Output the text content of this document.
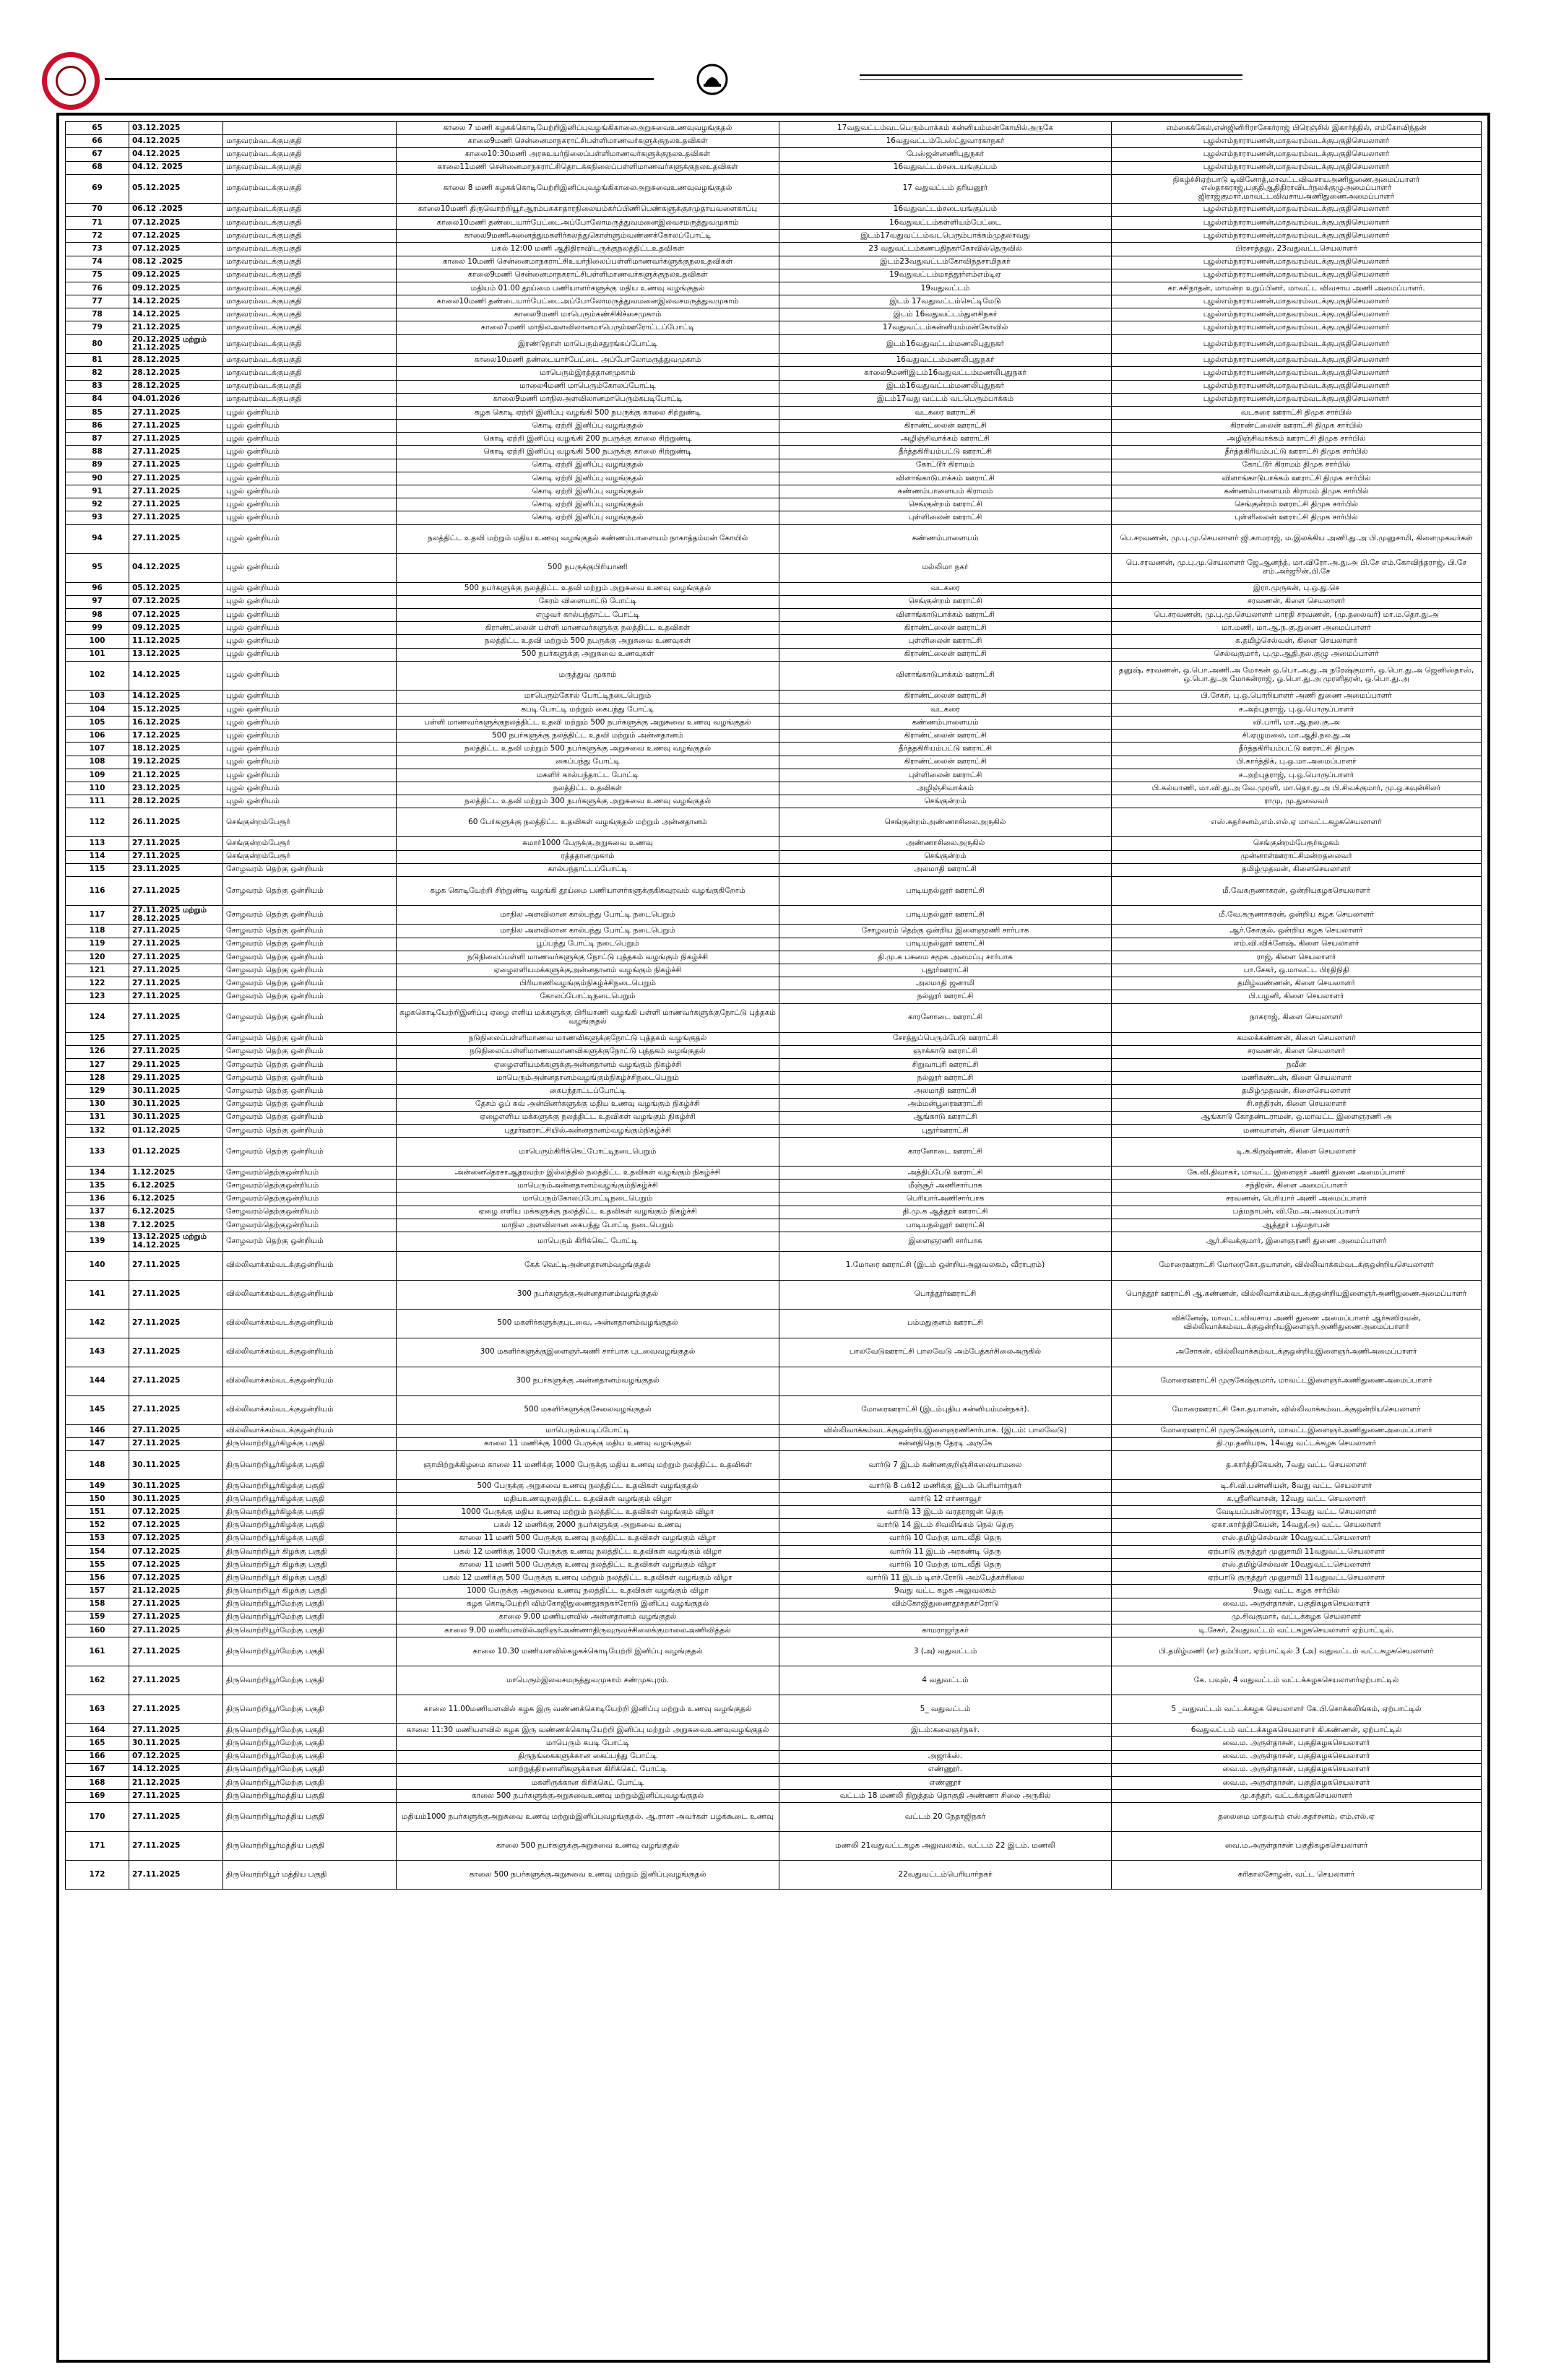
65	03.12.2025		காலை 7 மணி கழகக்கொடியேற்றிஇனிப்புவழங்கிகாலைஅறுசுவைஉணவுவழங்குதல்	17வதுவட்டம்வடபெரும்பாக்கம் கன்னியம்மன்கோயில்அருகே	எம்கைக்கேல்,என்ஜினிரிராசேகர்ராஜ் பிரெஞ்சில் இகார்த்தில், எம்கோவிந்தன்
66	04.12.2025	மாதவரம்வடக்குபகுதி	காலை9மணி சென்னைமாநகராட்சிபள்ளிமாணவர்களுக்குநலஉதவிகள்	16வதுவட்டம்பேஸ்ட்துவாரகாநகர்	புழல்எம்நாராயணன்,மாதவரம்வடக்குபகுதிசெயலாளர்
67	04.12.2025	மாதவரம்வடக்குபகுதி	காலை10:30மணி அரசுஉயர்நிலைப்பள்ளிமாணவர்களுக்குநலஉதவிகள்	பேஸ்ஜன்னணிபுதுநகர்	புழல்எம்நாராயணன்,மாதவரம்வடக்குபகுதிசெயலாளர்
68	04.12. 2025	மாதவரம்வடக்குபகுதி	காலை11மணி சென்னைமாநகராட்சிதொடக்கநிலைப்பள்ளிமாணவர்களுக்குநலஉதவிகள்	16வதுவட்டம்சடையங்குப்பம்	புழல்எம்நாராயணன்,மாதவரம்வடக்குபகுதிசெயலாளர்
69	05.12.2025	மாதவரம்வடக்குபகுதி	காலை 8 மணி கழகக்கொடியேற்றிஇனிப்புவழங்கிகாலைஅறுசுவைஉணவுவழங்குதல்	17 வதுவட்டம் தரியனூர்	நிகழ்ச்சிஏற்பாடு டிவினோத்,மாவட்டவிவசாயஅணிதுணைஅமைப்பாளர் எஸ்தாகராஜ்,பகுதிஆதிதிராவிடர்நலக்குழுஅமைப்பாளர் ஜிராஜ்குமார்,மாவட்டவிவசாயஅணிதுணைஅமைப்பாளர்
70	06.12 .2025	மாதவரம்வடக்குபகுதி	காலை10மணி திருவொற்றியூர்ஆரம்பசுகாதாரநிலையம்கர்ப்பிணிபெண்களுக்குசமுதாயவளைகாப்பு	16வதுவட்டம்சடையங்குப்பம்	புழல்எம்நாராயணன்,மாதவரம்வடக்குபகுதிசெயலாளர்
71	07.12.2025	மாதவரம்வடக்குபகுதி	காலை10மணி தண்டையார்பேட்டைஅப்போலோமருத்துவமனைஇலவசமருத்துவமுகாம்	16வதுவட்டம்கள்ளியம்பேட்டை	புழல்எம்நாராயணன்,மாதவரம்வடக்குபகுதிசெயலாளர்
72	07.12.2025	மாதவரம்வடக்குபகுதி	காலை9மணிஅனைத்துமகளிர்கலந்துகொள்ளும்வண்ணக்கோலப்போட்டி	இடம்17வதுவட்டம்வடபெரும்பாக்கம்முதலாவது	புழல்எம்நாராயணன்,மாதவரம்வடக்குபகுதிசெயலாளர்
73	07.12.2025	மாதவரம்வடக்குபகுதி	பகல் 12:00 மணி ஆதிதிராவிடருக்குநலத்திட்டஉதவிகள்	23 வதுவட்டம்கணபதிநகர்கோவில்தெருவில்	பிரசாத்தலு, 23வதுவட்டசெயலாளர்
74	08.12 .2025	மாதவரம்வடக்குபகுதி	காலை 10மணி சென்னைமாநகராட்சிஉயர்நிலைப்பள்ளிமாணவர்களுக்குநலஉதவிகள்	இடம்23வதுவட்டம்கோவிந்தசாமிநகர்	புழல்எம்நாராயணன்,மாதவரம்வடக்குபகுதிசெயலாளர்
75	09.12.2025	மாதவரம்வடக்குபகுதி	காலை9மணி சென்னைமாநகராட்சிபள்ளிமாணவர்களுக்குநலஉதவிகள்	19வதுவட்டம்மாத்தூர்எம்எம்டிஏ	புழல்எம்நாராயணன்,மாதவரம்வடக்குபகுதிசெயலாளர்
76	09.12.2025	மாதவரம்வடக்குபகுதி	மதியம் 01.00 தூய்மை பணியாளர்களுக்கு மதிய உணவு வழங்குதல்	19வதுவட்டம்	கா.சசிநாதன், மாமன்ற உறுப்பினர், மாவட்ட விவசாய அணி அமைப்பாளர்.
77	14.12.2025	மாதவரம்வடக்குபகுதி	காலை10மணி தண்டையார்பேட்டைஅப்போலோமருத்துவமனைஇலவசமருத்துவமுகாம்	இடம் 17வதுவட்டம்செட்டிமேடு	புழல்எம்நாராயணன்,மாதவரம்வடக்குபகுதிசெயலாளர்
78	14.12.2025	மாதவரம்வடக்குபகுதி	காலை9மணி மாபெரும்கண்சிகிச்சைமுகாம்	இடம் 16வதுவட்டம்துளசிநகர்	புழல்எம்நாராயணன்,மாதவரம்வடக்குபகுதிசெயலாளர்
79	21.12.2025	மாதவரம்வடக்குபகுதி	காலை7மணி மாநிலஅளவிலானமாபெரும்ஊரோட்டப்போட்டி	17வதுவட்டம்கன்னியம்மன்கோவில்	புழல்எம்நாராயணன்,மாதவரம்வடக்குபகுதிசெயலாளர்
80	20.12.2025 மற்றும் 21.12.2025	மாதவரம்வடக்குபகுதி	இரண்டுநாள் மாபெரும்சதுரங்கப்போட்டி	இடம்16வதுவட்டம்மணலிபுதுநகர்	புழல்எம்நாராயணன்,மாதவரம்வடக்குபகுதிசெயலாளர்
81	28.12.2025	மாதவரம்வடக்குபகுதி	காலை10மணி தண்டையார்பேட்டை அப்போலோமருத்துவமுகாம்	16வதுவட்டம்மணலிபுதுநகர்	புழல்எம்நாராயணன்,மாதவரம்வடக்குபகுதிசெயலாளர்
82	28.12.2025	மாதவரம்வடக்குபகுதி	மாபெரும்இரத்ததானமுகாம்	காலை9மணிஇடம்16வதுவட்டம்மணலிபுதுநகர்	புழல்எம்நாராயணன்,மாதவரம்வடக்குபகுதிசெயலாளர்
83	28.12.2025	மாதவரம்வடக்குபகுதி	மாலை4மணி மாபெரும்கோலப்போட்டி	இடம்16வதுவட்டம்மணலிபுதுநகர்	புழல்எம்நாராயணன்,மாதவரம்வடக்குபகுதிசெயலாளர்
84	04.01.2026	மாதவரம்வடக்குபகுதி	காலை9மணி மாநிலஅளவிலானமாபெரும்கபடிபோட்டி	இடம்17வது வட்டம் வடபெரும்பாக்கம்	புழல்எம்நாராயணன்,மாதவரம்வடக்குபகுதிசெயலாளர்
85	27.11.2025	புழல் ஒன்றியம்	கழக கொடி ஏற்றி இனிப்பு வழங்கி 500 நபருக்கு காலை சிற்றுண்டி	வடகரை ஊராட்சி	வடகரை ஊராட்சி திமுக சார்பில்
86	27.11.2025	புழல் ஒன்றியம்	கொடி ஏற்றி இனிப்பு வழங்குதல்	கிராண்ட்லைன் ஊராட்சி	கிராண்ட்லைன் ஊராட்சி திமுக சார்பில்
87	27.11.2025	புழல் ஒன்றியம்	கொடி ஏற்றி இனிப்பு வழங்கி 200 நபருக்கு காலை சிற்றுண்டி	அழிஞ்சிவாக்கம் ஊராட்சி	அழிஞ்சிவாக்கம் ஊராட்சி திமுக சார்பில்
88	27.11.2025	புழல் ஒன்றியம்	கொடி ஏற்றி இனிப்பு வழங்கி 500 நபருக்கு காலை சிற்றுண்டி	தீர்த்தகிரியம்பட்டு ஊராட்சி	தீர்த்தகிரியம்பட்டு ஊராட்சி திமுக சார்பில்
89	27.11.2025	புழல் ஒன்றியம்	கொடி ஏற்றி இனிப்பு வழங்குதல்	கோட்டூர் கிராமம்	கோட்டூர் கிராமம் திமுக சார்பில்
90	27.11.2025	புழல் ஒன்றியம்	கொடி ஏற்றி இனிப்பு வழங்குதல்	விளாங்காடுபாக்கம் ஊராட்சி	விளாங்காடுபாக்கம் ஊராட்சி திமுக சார்பில்
91	27.11.2025	புழல் ஒன்றியம்	கொடி ஏற்றி இனிப்பு வழங்குதல்	கண்ணம்பாளையம் கிராமம்	கண்ணம்பாளையம் கிராமம் திமுக சார்பில்
92	27.11.2025	புழல் ஒன்றியம்	கொடி ஏற்றி இனிப்பு வழங்குதல்	செங்குன்றம் ஊராட்சி	செங்குன்றம் ஊராட்சி திமுக சார்பில்
93	27.11.2025	புழல் ஒன்றியம்	கொடி ஏற்றி இனிப்பு வழங்குதல்	புள்ளிலைன் ஊராட்சி	புள்ளிலைன் ஊராட்சி திமுக சார்பில்
94	27.11.2025	புழல் ஒன்றியம்	நலத்திட்ட உதவி மற்றும் மதிய உணவு வழங்குதல் கண்ணம்பாளையம் நாகாத்தம்மன் கோயில்	கண்ணம்பாளையம்	பெ.சரவணன், மு.பு.மு.செயலாளர் ஜி.காமராஜ், ம.இலக்கிய அணி.து.அ பி.முனுசாமி, கிளைமுகவர்கள்
95	04.12.2025	புழல் ஒன்றியம்	500 நபருக்குபிரியாணி	மல்லிமா நகர்	பெ.சரவணன், மு.பு.மு.செயலாளர் ஜே.ஆனந்த், மா.விரோ.அ.து.அ பி.சே எம்.கோவிந்தராஜ், பி.சே எம்.அர்ஜூன்,பி.சே
96	05.12.2025	புழல் ஒன்றியம்	500 நபர்களுக்கு நலத்திட்ட உதவி மற்றும் அறுசுவை உணவு வழங்குதல்	வடகரை	இரா.முருகன், பு.ஒ.து.செ
97	07.12.2025	புழல் ஒன்றியம்	கேரம் விளையாட்டு போட்டி	செங்குன்றம் ஊராட்சி	சரவணன், கிளை செயலாளர்
98	07.12.2025	புழல் ஒன்றியம்	எழுவர் கால்பந்தாட்ட போட்டி	விளாங்காடுபாக்கம் ஊராட்சி	பெ.சரவணன், மு.பு.மு.செயலாளர் பாரதி சரவணன், (மு.தலைவர்) மா.ம.தொ.து.அ
99	09.12.2025	புழல் ஒன்றியம்	கிராண்ட்லைன் பள்ளி மாணவர்களுக்கு நலத்திட்ட உதவிகள்	கிராண்ட்லைன் ஊராட்சி	மா.மணி, மா.ஆ.ந.கு.துணை அமைப்பாளர்
100	11.12.2025	புழல் ஒன்றியம்	நலத்திட்ட உதவி மற்றும் 500 நபருக்கு அறுசுவை உணவுகள்	புள்ளிலைன் ஊராட்சி	க.தமிழ்செல்வன், கிளை செயலாளர்
101	13.12.2025	புழல் ஒன்றியம்	500 நபர்களுக்கு அறுசுவை உணவுகள்	கிராண்ட்லைன் ஊராட்சி	செல்வகுமார், பு.மு.ஆதி.நல.குழு அமைப்பாளர்
102	14.12.2025	புழல் ஒன்றியம்	மருத்துவ முகாம்	விளாங்காடுபாக்கம் ஊராட்சி	தனுஷ், சரவணன், ஒ.பொ.அணி.அ மோகன் ஒ.பொ.அ.து.அ நரேஷ்குமார், ஒ.பொ.து.அ ஜெனிஸ்தாஸ், ஒ.பொ.து.அ மோகன்ராஜ், ஓ.பொ.து.அ முரளிதரன், ஒ.பொ.து.அ
103	14.12.2025	புழல் ஒன்றியம்	மாபெரும்கோல் போட்டிநடைபெறும்	கிராண்ட்லைன் ஊராட்சி	பி.சேகர், பு.ஒ.பொறியாளர் அணி துணை அமைப்பாளர்
104	15.12.2025	புழல் ஒன்றியம்	கபடி போட்டி மற்றும் கைபந்து போட்டி	வடகரை	ச.அற்புதராஜ், பு.ஒ.பொருப்பாளர்
105	16.12.2025	புழல் ஒன்றியம்	பள்ளி மாணவர்களுக்குநலத்திட்ட உதவி மற்றும் 500 நபர்களுக்கு அறுசுவை உணவு வழங்குதல்	கண்ணம்பாளையம்	வி.பாரி, மா.ஆ.நல.கு.அ
106	17.12.2025	புழல் ஒன்றியம்	500 நபர்களுக்கு நலத்திட்ட உதவி மற்றும் அன்னதானம்	கிராண்ட்லைன் ஊராட்சி	சி.ஏழுமலை, மா.ஆதி.நல.து.அ
107	18.12.2025	புழல் ஒன்றியம்	நலத்திட்ட உதவி மற்றும் 500 நபர்களுக்கு அறுசுவை உணவு வழங்குதல்	தீர்த்தகிரியம்பட்டு ஊராட்சி	தீர்த்தகிரியம்பட்டு ஊராட்சி திமுக
108	19.12.2025	புழல் ஒன்றியம்	கைப்பந்து போட்டி	கிராண்ட்லைன் ஊராட்சி	பி.கார்த்திக், பு.ஒ.மா.அமைப்பாளர்
109	21.12.2025	புழல் ஒன்றியம்	மகளிர் கால்பந்தாட்ட போட்டி	புள்ளிலைன் ஊராட்சி	ச.அற்புதராஜ், பு.ஒ.பொருப்பாளர்
110	23.12.2025	புழல் ஒன்றியம்	நலத்திட்ட உதவிகள்	அழிஞ்சிவாக்கம்	பி.கல்யாணி, மா.வி.து.அ வே.முரளி, மா.தொ.து.அ பி.சிவக்குமார், மு.ஒ.கவுன்சிலர்
111	28.12.2025	புழல் ஒன்றியம்	நலத்திட்ட உதவி மற்றும் 300 நபர்களுக்கு அறுசுவை உணவு வழங்குதல்	செங்குன்றம்	ராமு, மு.துவைவர்
112	26.11.2025	செங்குன்றம்பேரூர்	60 பேர்களுக்கு நலத்திட்ட உதவிகள் வழங்குதல் மற்றும் அன்னதானம்	செங்குன்றம்அண்ணாசிலைஅருகில்	எஸ்.சுதர்சனம்,எம்.எல்.ஏ மாவட்டகழகசெயலாளர்
113	27.11.2025	செங்குன்றம்பேரூர்	சுமார்1000 பேருக்குஅறுசுவை உணவு	அண்ணாசிலைஅருகில்	செங்குன்றம்பேரூர்கழகம்
114	27.11.2025	செங்குன்றம்பேரூர்	ரத்ததானமுகாம்	செங்குன்றம்	முன்னாள்ஊராட்சிமன்றதலைவர்
115	23.11.2025	சோழவரம் தெற்கு ஒன்றியம்	கால்பந்தாட்டப்போட்டி	அலமாதி ஊராட்சி	தமிழ்முதவன், கிளைசெயலாளர்
116	27.11.2025	சோழவரம் தெற்கு ஒன்றியம்	கழக கொடியேற்றி சிற்றுண்டி வழங்கி தூய்மை பணியாளர்களுக்குகிகவுரவம் வழங்குகிறோம்	பாடியநல்லூர் ஊராட்சி	மீ.வேகருணாகரன், ஒன்றியகழகசெயலாளர்
117	27.11.2025 மற்றும் 28.12.2025	சோழவரம் தெற்கு ஒன்றியம்	மாநில அளவிலான கால்பந்து போட்டி நடைபெறும்	பாடியநல்லூர் ஊராட்சி	மீ.வே.கருணாகரன், ஒன்றிய கழக செயலாளர்
118	27.11.2025	சோழவரம் தெற்கு ஒன்றியம்	மாநில அளவிலான கால்பந்து போட்டி நடைபெறும்	சோழவரம் தெற்கு ஒன்றிய இளைஞரணி சார்பாக	ஆர்.கோகுல், ஒன்றிய கழக செயலாளர்
119	27.11.2025	சோழவரம் தெற்கு ஒன்றியம்	பூப்பந்து போட்டி நடைபெறும்	பாடியநல்லூர் ஊராட்சி	எம்.வி.விக்னேஷ், கிளை செயலாளர்
120	27.11.2025	சோழவரம் தெற்கு ஒன்றியம்	நடுநிலைப்பள்ளி மாணவர்களுக்கு நோட்டு புத்தகம் வழங்கும் நிகழ்ச்சி	தி.மு.க பசுமை சமூக அமைப்பு சார்பாக	ராஜ், கிளை செயலாளர்
121	27.11.2025	சோழவரம் தெற்கு ஒன்றியம்	ஏழைஎளியமக்களுக்குஅன்னதானம் வழங்கும் நிகழ்ச்சி	புதூர்ஊராட்சி	பா.சேகர், ஒ.மாவட்ட பிரதிநிதி
122	27.11.2025	சோழவரம் தெற்கு ஒன்றியம்	பிரியாணிவழங்கும்நிகழ்ச்சிநடைபெறும்	அலமாதி ஜனாமி	தமிழ்வண்ணன், கிளை செயலாளர்
123	27.11.2025	சோழவரம் தெற்கு ஒன்றியம்	கோலப்போட்டிநடைபெறும்	நல்லூர் ஊராட்சி	பி.பழனி, கிளை செயலாளர்
124	27.11.2025	சோழவரம் தெற்கு ஒன்றியம்	கழககொடியேற்றிஇனிப்பு ஏழை எளிய மக்களுக்கு பிரியாணி வழங்கி பள்ளி மாணவர்களுக்குநோட்டு புத்தகம் வழங்குதல்	காரனோடை ஊராட்சி	நாகராஜ், கிளை செயலாளர்
125	27.11.2025	சோழவரம் தெற்கு ஒன்றியம்	நடுநிலைப்பள்ளிமாணவ மாணவிகளுக்குநோட்டு புத்தகம் வழங்குதல்	சோத்துப்பெரும்பேடு ஊராட்சி	கமலக்கண்ணன், கிளை செயலாளர்
126	27.11.2025	சோழவரம் தெற்கு ஒன்றியம்	நடுநிலைப்பள்ளிமாணவமாணவிகளுக்குநோட்டு புத்தகம் வழங்குதல்	ஞாக்காடு ஊராட்சி	சரவணன், கிளை செயலாளர்
127	29.11.2025	சோழவரம் தெற்கு ஒன்றியம்	ஏழைஎளியமக்களுக்குஅன்னதானம் வழங்கும் நிகழ்ச்சி	சிறுவாபுரி ஊராட்சி	நவீன்
128	29.11.2025	சோழவரம் தெற்கு ஒன்றியம்	மாபெரும்அன்னதானம்வழங்கும்நிகழ்ச்சிநடைபெறும்	நல்லூர் ஊராட்சி	மணிகண்டன், கிளை செயலாளர்
129	30.11.2025	சோழவரம் தெற்கு ஒன்றியம்	கைபந்தாட்டப்போட்டி	அலமாதி ஊராட்சி	தமிழ்முதவன், கிளைசெயலாளர்
130	30.11.2025	சோழவரம் தெற்கு ஒன்றியம்	தேசம் ஓப் கவ் அன்பினர்களுக்கு மதிய உணவு வழங்கும் நிகழ்ச்சி	அம்மன்பூரைஊராட்சி	சி.சந்திரன், கிளை செயலாளர்
131	30.11.2025	சோழவரம் தெற்கு ஒன்றியம்	ஏழைஎளிய மக்களுக்கு நலத்திட்ட உதவிகள் வழங்கும் நிகழ்ச்சி	ஆங்காடு ஊராட்சி	ஆங்காடு கோதண்டராமன், ஒ.மாவட்ட இளைஞரணி அ
132	01.12.2025	சோழவரம் தெற்கு ஒன்றியம்	புதூர்ஊராட்சியில்அன்னதானம்வழங்கும்நிகழ்ச்சி	புதூர்ஊராட்சி	மணவாளன், கிளை செயலாளர்
133	01.12.2025	சோழவரம் தெற்கு ஒன்றியம்	மாபெரும்கிரிக்கெட்போட்டிநடைபெறும்	காரனோடை ஊராட்சி	டி.சு.கிருஷ்ணன், கிளை செயலாளர்
134	1.12.2025	சோழவரம்தெற்குஒன்றியம்	அன்னைதெரசாஆதரவற்ற இல்லத்தில் நலத்திட்ட உதவிகள் வழங்கும் நிகழ்ச்சி	அத்திப்பேடு ஊராட்சி	கே.வி.திவாகர், மாவட்ட இளைஞர் அணி துணை அமைப்பாளர்
135	6.12.2025	சோழவரம்தெற்குஒன்றியம்	மாபெரும்அன்னதானம்வழங்கும்நிகழ்ச்சி	மீஞ்சூர் அணிசார்பாக	சந்திரன், கிளை அமைப்பாளர்
136	6.12.2025	சோழவரம்தெற்குஒன்றியம்	மாபெரும்கோலப்போட்டிநடைபெறும்	பெரியார்அணிசார்பாக	சரவணன், பெரியார் அணி அமைப்பாளர்
137	6.12.2025	சோழவரம்தெற்குஒன்றியம்	ஏழை எளிய மக்களுக்கு நலத்திட்ட உதவிகள் வழங்கும் நிகழ்ச்சி	தி.மு.க ஆத்தூர் ஊராட்சி	பத்மநாபன், வி.மே.அ.அமைப்பாளர்
138	7.12.2025	சோழவரம்தெற்குஒன்றியம்	மாநில அளவிலான கைபந்து போட்டி நடைபெறும்	பாடியநல்லூர் ஊராட்சி	ஆத்தூர் பத்மநாபன்
139	13.12.2025 மற்றும் 14.12.2025	சோழவரம் தெற்கு ஒன்றியம்	மாபெரும் கிரிக்கெட் போட்டி	இளைஞரணி சார்பாக	ஆர்.சிவக்குமார், இளைஞரணி துணை அமைப்பாளர்
140	27.11.2025	வில்லிவாக்கம்வடக்குஒன்றியம்	கேக் வெட்டிஅன்னதானம்வழங்குதல்	1.மோரை ஊராட்சி (இடம் ஒன்றியஅலுவலகம், வீராபுரம்)	மோரைஊராட்சி மோரைகோ.தயாளன், வில்லிவாக்கம்வடக்குஒன்றியசெயலாளர்
141	27.11.2025	வில்லிவாக்கம்வடக்குஒன்றியம்	300 நபர்களுக்குஅன்னதானம்வழங்குதல்	பொத்தூர்ஊராட்சி	பொத்தூர் ஊராட்சி ஆ.கண்ணன், வில்லிவாக்கம்வடக்குஒன்றியஇளைஞர்அணிதுணைஅமைப்பாளர்
142	27.11.2025	வில்லிவாக்கம்வடக்குஒன்றியம்	500 மகளிர்களுக்குபுடவை, அன்னதானம்வழங்குதல்	பம்மதுகுளம் ஊராட்சி	விக்னேஷ், மாவட்டவிவசாய அணி துணை அமைப்பாளர் ஆர்கஸிரவன், வில்லிவாக்கம்வடக்குஒன்றியஇளைஞர்அணிதுணைஅமைப்பாளர்
143	27.11.2025	வில்லிவாக்கம்வடக்குஒன்றியம்	300 மகளிர்களுக்குஇளைஞர்அணி சார்பாக புடவைவழங்குதல்	பாலவேடுஊராட்சி பாலவேடு அம்பேத்கர்சிலைஅருகில்	அசோகன், வில்லிவாக்கம்வடக்குஒன்றியஇளைஞர்அணிஅமைப்பாளர்
144	27.11.2025	வில்லிவாக்கம்வடக்குஒன்றியம்	300 நபர்களுக்கு அன்னதானம்வழங்குதல்		மோரைஊராட்சி முருகேஷ்குமார், மாவட்டஇளைஞர்அணிதுணைஅமைப்பாளர்
145	27.11.2025	வில்லிவாக்கம்வடக்குஒன்றியம்	500 மகளிர்களுக்குசேலைவழங்குதல்	மோரைஊராட்சி (இடம்புதிய கன்னியம்மன்நகர்).	மோரைஊராட்சி கோ.தயாளன், வில்லிவாக்கம்வடக்குஒன்றியசெயலாளர்
146	27.11.2025	வில்லிவாக்கம்வடக்குஒன்றியம்	மாபெரும்கபடிப்போட்டி	வில்லிவாக்கம்வடக்குஒன்றியஇளைஞரணிசார்பாக. (இடம்: பாலவேடு)	மோரைஊராட்சி முருகேஷ்குமார், மாவட்டஇளைஞர்அணிதுணைஅமைப்பாளர்
147	27.11.2025	திருவொற்றியூர்கிழக்கு பகுதி	காலை 11 மணிக்கு 1000 பேருக்கு மதிய உணவு வழங்குதல்	சன்னதிதெரு தேரடி அருகே	தி.மு.தனியரசு, 14வது வட்டக்கழக செயலாளர்
148	30.11.2025	திருவொற்றியூர்கிழக்கு பகுதி	ஞாயிற்றுக்கிழமை காலை 11 மணிக்கு 1000 பேருக்கு மதிய உணவு மற்றும் நலத்திட்ட உதவிகள்	வார்டு 7 இடம் கண்ணகுறிஞ்சிகலையாமலை	த.கார்த்திகேயன், 7வது வட்ட செயலாளர்
149	30.11.2025	திருவொற்றியூர்கிழக்கு பகுதி	500 பேருக்கு அறுசுவை உணவு நலத்திட்ட உதவிகள் வழங்குதல்	வார்டு 8 பக்12 மணிக்கு இடம் பெரியார்நகர்	டி.சி.வி.பண்னியன், 8வது வட்ட செயலாளர்
150	30.11.2025	திருவொற்றியூர்கிழக்கு பகுதி	மதியஉணவுநலத்திட்ட உதவிகள் வழங்கும் விழா	வார்டு 12 எர்ணாவூர்	க.ஸ்ரீனிவாசன், 12வது வட்ட செயலாளர்
151	07.12.2025	திருவொற்றியூர்கிழக்கு பகுதி	1000 பேருக்கு மதிய உணவு மற்றும் நலத்திட்ட உதவிகள் வழங்கும் விழா	வார்டு 13 இடம் வரதராஜன் தெரு	வேடியப்பன்ஸ்ராஜா, 13வது வட்ட செயலாளர்
152	07.12.2025	திருவொற்றியூர்கிழக்கு பகுதி	பகல் 12 மணிக்கு 2000 நபர்களுக்கு அறுசுவை உணவு	வார்டு 14 இடம் சிவலிங்கம் நெல் தெரு	ஏகா.கார்த்திகேயன், 14வது(அ) வட்ட செயலாளர்
153	07.12.2025	திருவொற்றியூர்கிழக்கு பகுதி	காலை 11 மணி 500 பேருக்கு உணவு நலத்திட்ட உதவிகள் வழங்கும் விழா	வார்டு 10 மேற்கு மாடவீதி தெரு	எஸ்.தமிழ்செல்வன் 10வதுவட்டசெயலாளர்
154	07.12.2025	திருவொற்றியூர் கிழக்கு பகுதி	பகல் 12 மணிக்கு 1000 பேருக்கு உணவு நலத்திட்ட உதவிகள் வழங்கும் விழா	வார்டு 11 இடம் அரகண்டி தெரு	ஏற்பாடு குருத்துர் முனுசாமி 11வதுவட்டசெயலாளர்
155	07.12.2025	திருவொற்றியூர் கிழக்கு பகுதி	காலை 11 மணி 500 பேருக்கு உணவு நலத்திட்ட உதவிகள் வழங்கும் விழா	வார்டு 10 மேற்கு மாடவீதி தெரு	எஸ்.தமிழ்செல்வன் 10வதுவட்டசெயலாளர்
156	07.12.2025	திருவொற்றியூர் கிழக்கு பகுதி	பகல் 12 மணிக்கு 500 பேருக்கு உணவு மற்றும் நலத்திட்ட உதவிகள் வழங்கும் விழா	வார்டு 11 இடம் டிஎச்.ரோடு அம்பேத்கர்சிலை	ஏற்பாடு குருத்துர் முனுசாமி 11வதுவட்டசெயலாளர்
157	21.12.2025	திருவொற்றியூர் கிழக்கு பகுதி	1000 பேருக்கு அறுசுவை உணவு நலத்திட்ட உதவிகள் வழங்கும் விழா	9வது வட்ட கழக அலுவலகம்	9வது வட்ட கழக சார்பில்
158	27.11.2025	திருவொற்றியூர்மேற்கு பகுதி	கழக கொடியேற்றி விம்கோஜிதுணைதூசுநகர்ரோடு இனிப்பு வழங்குதல்	விம்கோஜிதுணைதூசுநகர்ரோடு	வை.ம. அருள்தாசன், பகுதிகழகசெயலாளர்
159	27.11.2025	திருவொற்றியூர்மேற்கு பகுதி	காலை 9.00 மணியளவில் அன்னதானம் வழங்குதல்		மு.சிவகுமார், வட்டக்கழக செயலாளர்
160	27.11.2025	திருவொற்றியூர்மேற்கு பகுதி	காலை 9.00 மணியளவில்அறிஞர்அண்ணாதிருவுருவச்சிலைக்குமாலைஅணிவித்தல்	காமராஜர்நகர்	டி.சேகர், 2வதுவட்டம் வட்டகழகசெயலாளர் ஏற்பாட்டில்.
161	27.11.2025	திருவொற்றியூர்மேற்கு பகுதி	காலை 10.30 மணியளவில்கழகக்கொடியேற்றி இனிப்பு வழங்குதல்	3 (அ) வதுவட்டம்	பி.தமிழ்மணி (எ) தம்பிமா, ஏற்பாட்டில் 3 (அ) வதுவட்டம் வட்டகழகசெயலாளர்
162	27.11.2025	திருவொற்றியூர்மேற்கு பகுதி	மாபெரும்இலவசமருத்துவமுகாம் சண்முகபுரம்.	4 வதுவட்டம்	கே. பவுல், 4 வதுவட்டம் வட்டக்கழகசெயலாளர்ஏற்பாட்டில்
163	27.11.2025	திருவொற்றியூர்மேற்கு பகுதி	காலை 11.00மணியளவில் கழக இரு வண்ணக்கொடியேற்றி இனிப்பு மற்றும் உணவு வழங்குதல்	5_ வதுவட்டம்	5 _வதுவட்டம் வட்டக்கழக செயலாளர் கே.பி.சொக்கலிங்கம், ஏற்பாட்டில்
164	27.11.2025	திருவொற்றியூர்மேற்கு பகுதி	காலை 11:30 மணியளவில் கழக இரு வண்ணக்கொடியேற்றி இனிப்பு மற்றும் அறுசுவைஉணவுவழங்குதல்	இடம்:கலைஞர்நகர்.	6வதுவட்டம் வட்டக்கழகசெயலாளர் கி.கண்ணன், ஏற்பாட்டில்
165	30.11.2025	திருவொற்றியூர்மேற்கு பகுதி	மாபெரும் கபடி போட்டி		வை.ம. அருள்தாசன், பகுதிகழகசெயலாளர்
166	07.12.2025	திருவொற்றியூர்மேற்கு பகுதி	திருநங்கைகளுக்கான கைப்பந்து போட்டி	அஜாக்ஸ்.	வை.ம. அருள்தாசன், பகுதிகழகசெயலாளர்
167	14.12.2025	திருவொற்றியூர்மேற்கு பகுதி	மாற்றுத்திறனாளிகளுக்கான கிரிக்கெட் போட்டி	எண்ணூர்.	வை.ம. அருள்தாசன், பகுதிகழகசெயலாளர்
168	21.12.2025	திருவொற்றியூர்மேற்கு பகுதி	மகளிருக்கான கிரிக்கெட் போட்டி	எண்ணூர்	வை.ம. அருள்தாசன், பகுதிகழகசெயலாளர்
169	27.11.2025	திருவொற்றியூர்மத்திய பகுதி	காலை 500 நபர்களுக்குஅறுசுவைஉணவு மற்றும்இனிப்புவழங்குதல்	வட்டம் 18 மணலி நிறுத்தம் தொகுதி அண்ணா சிலை அருகில்	மு.சுந்தர், வட்டக்கழகசெயலாளர்
170	27.11.2025	திருவொற்றியூர்மத்திய பகுதி	மதியம்1000 நபர்களுக்குஅறுசுவை உணவு மற்றும்இனிப்புவழங்குதல். ஆ.ராசா அவர்கள் பழக்கூடை உணவு	வட்டம் 20 நேதாஜிநகர்	தலைமை மாதவரம் எஸ்.சுதர்சனம், எம்.எல்.ஏ
171	27.11.2025	திருவொற்றியூர்மத்திய பகுதி	காலை 500 நபர்களுக்குஅறுசுவை உணவு வழங்குதல்	மணலி 21வதுவட்டகழக அலுவலகம், வட்டம் 22 இடம். மணலி	வை.ம.அருள்தாசன் பகுதிகழகசெயலாளர்
172	27.11.2025	திருவொற்றியூர் மத்திய பகுதி	காலை 500 நபர்களுக்குஅறுசுவை உணவு மற்றும் இனிப்புவழங்குதல்	22வதுவட்டம்பெரியார்நகர்	கரிகாலசோழன், வட்ட செயலாளர்
